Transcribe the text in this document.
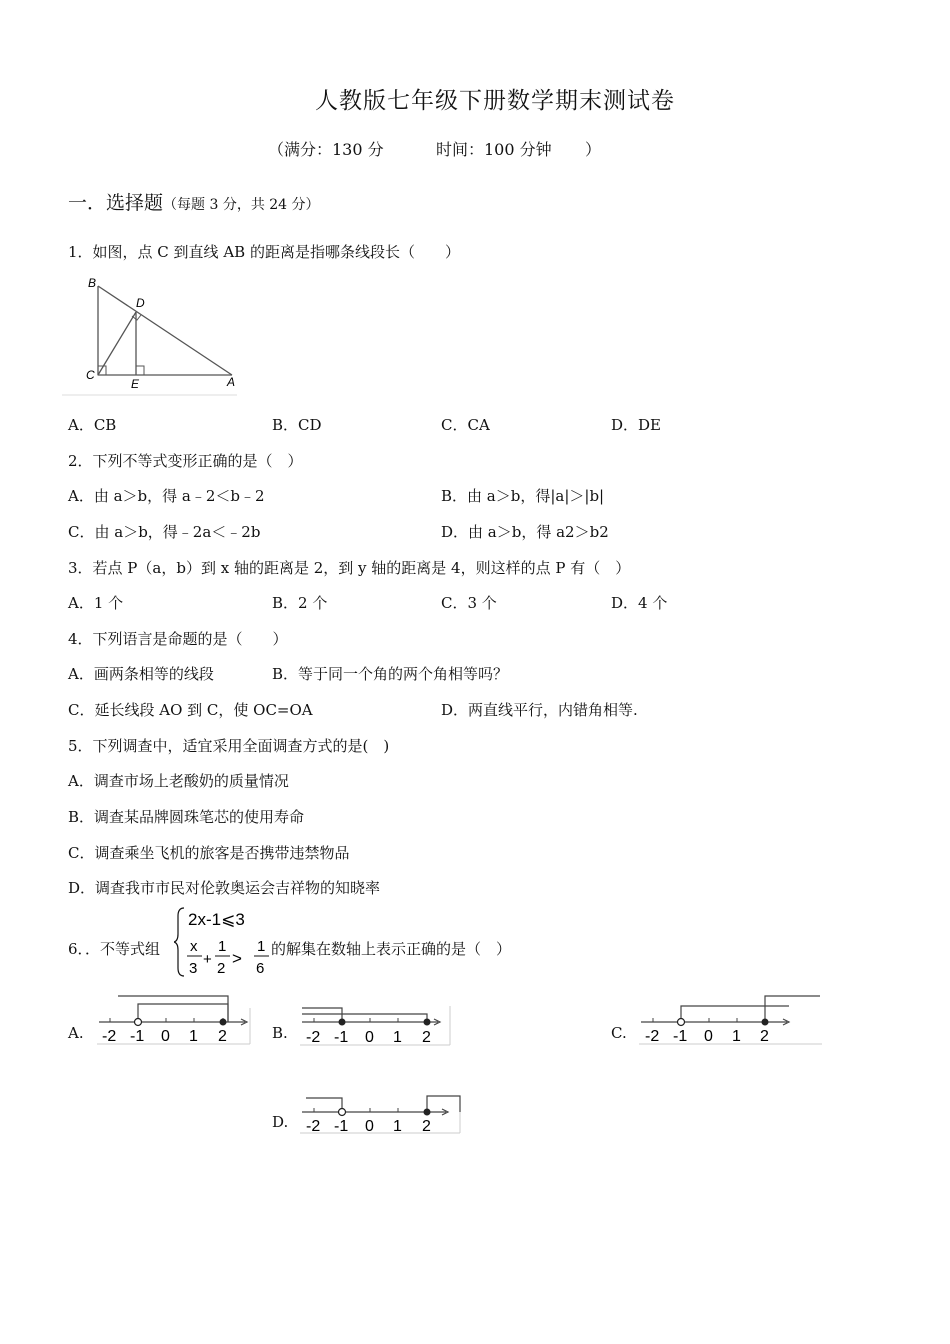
人教版七年级下册数学期末测试卷
（满分：130 分	时间：100 分钟 ）
一．选择题（每题 3 分，共 24 分）
1．如图，点 C 到直线 AB 的距离是指哪条线段长（　　）
B
D
C
E	A
A．CB	B．CD	C．CA	D．DE
2．下列不等式变形正确的是（　）
A．由 a＞b，得 a﹣2＜b﹣2	B．由 a＞b，得|a|＞|b|
C．由 a＞b，得﹣2a＜﹣2b	D．由 a＞b，得 a2＞b2
3．若点 P（a，b）到 x 轴的距离是 2，到 y 轴的距离是 4，则这样的点 P 有（　）
A．1 个	B．2 个	C．3 个	D．4 个
4．下列语言是命题的是（　　）
A．画两条相等的线段	B．等于同一个角的两个角相等吗？
C．延长线段 AO 到 C，使 OC=OA	D．两直线平行，内错角相等.
5．下列调查中，适宜采用全面调查方式的是(　)
A．调查市场上老酸奶的质量情况
B．调查某品牌圆珠笔芯的使用寿命
C．调查乘坐飞机的旅客是否携带违禁物品
D．调查我市市民对伦敦奥运会吉祥物的知晓率
6．．不等式组
2x-1⩽3
x
3
+
1
2
>
1
6
的解集在数轴上表示正确的是（　）
A.	B.	C.
D.
-2 -1 0 1 2	-2 -1 0 1 2	-2 -1 0 1 2
-2 -1 0 1 2
